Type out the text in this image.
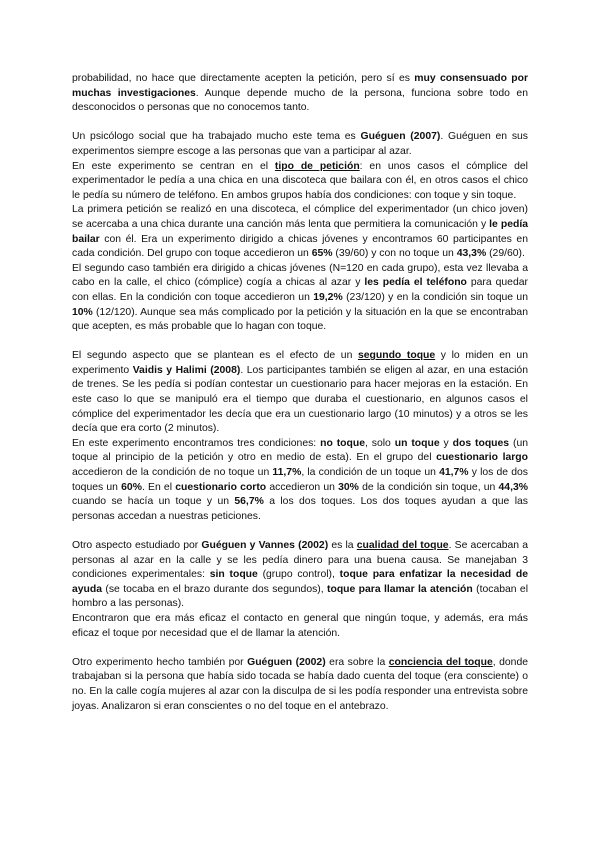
probabilidad, no hace que directamente acepten la petición, pero sí es muy consensuado por muchas investigaciones. Aunque depende mucho de la persona, funciona sobre todo en desconocidos o personas que no conocemos tanto.

Un psicólogo social que ha trabajado mucho este tema es Guéguen (2007). Guéguen en sus experimentos siempre escoge a las personas que van a participar al azar.

En este experimento se centran en el tipo de petición: en unos casos el cómplice del experimentador le pedía a una chica en una discoteca que bailara con él, en otros casos el chico le pedía su número de teléfono. En ambos grupos había dos condiciones: con toque y sin toque.

La primera petición se realizó en una discoteca, el cómplice del experimentador (un chico joven) se acercaba a una chica durante una canción más lenta que permitiera la comunicación y le pedía bailar con él. Era un experimento dirigido a chicas jóvenes y encontramos 60 participantes en cada condición. Del grupo con toque accedieron un 65% (39/60) y con no toque un 43,3% (29/60).

El segundo caso también era dirigido a chicas jóvenes (N=120 en cada grupo), esta vez llevaba a cabo en la calle, el chico (cómplice) cogía a chicas al azar y les pedía el teléfono para quedar con ellas. En la condición con toque accedieron un 19,2% (23/120) y en la condición sin toque un 10% (12/120). Aunque sea más complicado por la petición y la situación en la que se encontraban que acepten, es más probable que lo hagan con toque.

El segundo aspecto que se plantean es el efecto de un segundo toque y lo miden en un experimento Vaidis y Halimi (2008). Los participantes también se eligen al azar, en una estación de trenes. Se les pedía si podían contestar un cuestionario para hacer mejoras en la estación. En este caso lo que se manipuló era el tiempo que duraba el cuestionario, en algunos casos el cómplice del experimentador les decía que era un cuestionario largo (10 minutos) y a otros se les decía que era corto (2 minutos).

En este experimento encontramos tres condiciones: no toque, solo un toque y dos toques (un toque al principio de la petición y otro en medio de esta). En el grupo del cuestionario largo accedieron de la condición de no toque un 11,7%, la condición de un toque un 41,7% y los de dos toques un 60%. En el cuestionario corto accedieron un 30% de la condición sin toque, un 44,3% cuando se hacía un toque y un 56,7% a los dos toques. Los dos toques ayudan a que las personas accedan a nuestras peticiones.

Otro aspecto estudiado por Guéguen y Vannes (2002) es la cualidad del toque. Se acercaban a personas al azar en la calle y se les pedía dinero para una buena causa. Se manejaban 3 condiciones experimentales: sin toque (grupo control), toque para enfatizar la necesidad de ayuda (se tocaba en el brazo durante dos segundos), toque para llamar la atención (tocaban el hombro a las personas).

Encontraron que era más eficaz el contacto en general que ningún toque, y además, era más eficaz el toque por necesidad que el de llamar la atención.

Otro experimento hecho también por Guéguen (2002) era sobre la conciencia del toque, donde trabajaban si la persona que había sido tocada se había dado cuenta del toque (era consciente) o no. En la calle cogía mujeres al azar con la disculpa de si les podía responder una entrevista sobre joyas. Analizaron si eran conscientes o no del toque en el antebrazo.
